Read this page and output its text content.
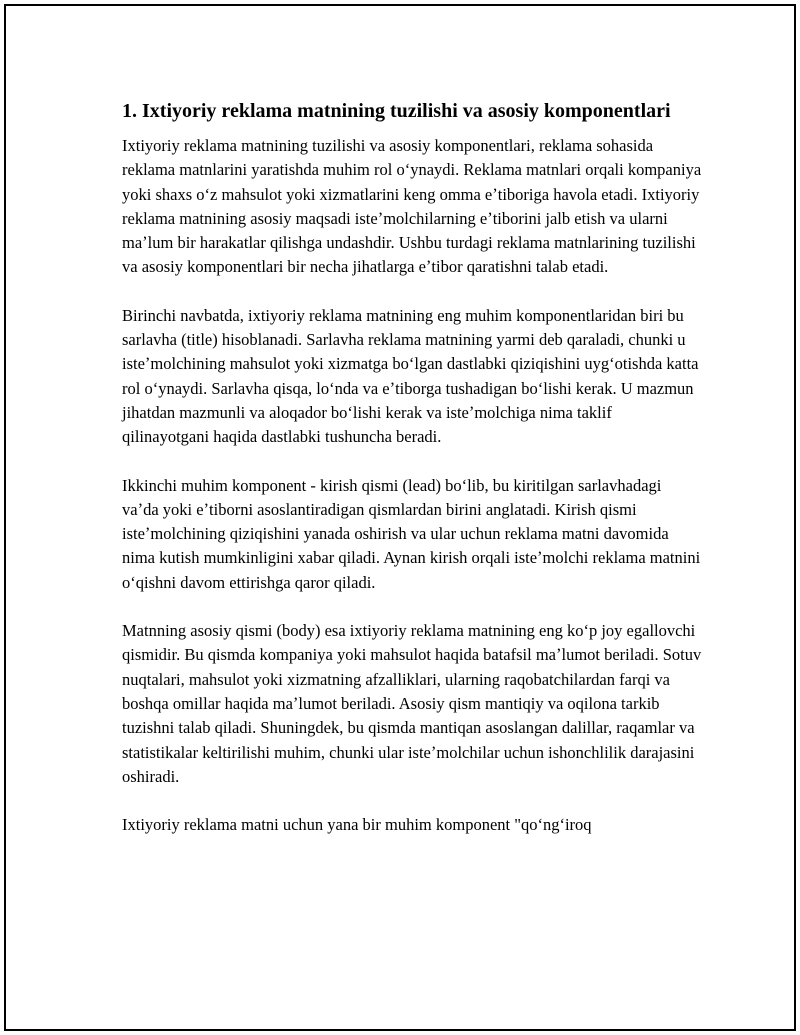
1. Ixtiyoriy reklama matnining tuzilishi va asosiy komponentlari

Ixtiyoriy reklama matnining tuzilishi va asosiy komponentlari, reklama sohasida reklama matnlarini yaratishda muhim rol oʻynaydi. Reklama matnlari orqali kompaniya yoki shaxs oʻz mahsulot yoki xizmatlarini keng omma eʼtiboriga havola etadi. Ixtiyoriy reklama matnining asosiy maqsadi isteʼmolchilarning eʼtiborini jalb etish va ularni maʼlum bir harakatlar qilishga undashdir. Ushbu turdagi reklama matnlarining tuzilishi va asosiy komponentlari bir necha jihatlarga eʼtibor qaratishni talab etadi.

Birinchi navbatda, ixtiyoriy reklama matnining eng muhim komponentlaridan biri bu sarlavha (title) hisoblanadi. Sarlavha reklama matnining yarmi deb qaraladi, chunki u isteʼmolchining mahsulot yoki xizmatga boʻlgan dastlabki qiziqishini uygʻotishda katta rol oʻynaydi. Sarlavha qisqa, loʻnda va eʼtiborga tushadigan boʻlishi kerak. U mazmun jihatdan mazmunli va aloqador boʻlishi kerak va isteʼmolchiga nima taklif qilinayotgani haqida dastlabki tushuncha beradi.

Ikkinchi muhim komponent - kirish qismi (lead) boʻlib, bu kiritilgan sarlavhadagi vaʼda yoki eʼtiborni asoslantiradigan qismlardan birini anglatadi. Kirish qismi isteʼmolchining qiziqishini yanada oshirish va ular uchun reklama matni davomida nima kutish mumkinligini xabar qiladi. Aynan kirish orqali isteʼmolchi reklama matnini oʻqishni davom ettirishga qaror qiladi.

Matnning asosiy qismi (body) esa ixtiyoriy reklama matnining eng koʻp joy egallovchi qismidir. Bu qismda kompaniya yoki mahsulot haqida batafsil maʼlumot beriladi. Sotuv nuqtalari, mahsulot yoki xizmatning afzalliklari, ularning raqobatchilardan farqi va boshqa omillar haqida maʼlumot beriladi. Asosiy qism mantiqiy va oqilona tarkib tuzishni talab qiladi. Shuningdek, bu qismda mantiqan asoslangan dalillar, raqamlar va statistikalar keltirilishi muhim, chunki ular isteʼmolchilar uchun ishonchlilik darajasini oshiradi.

Ixtiyoriy reklama matni uchun yana bir muhim komponent "qoʻngʻiroq
